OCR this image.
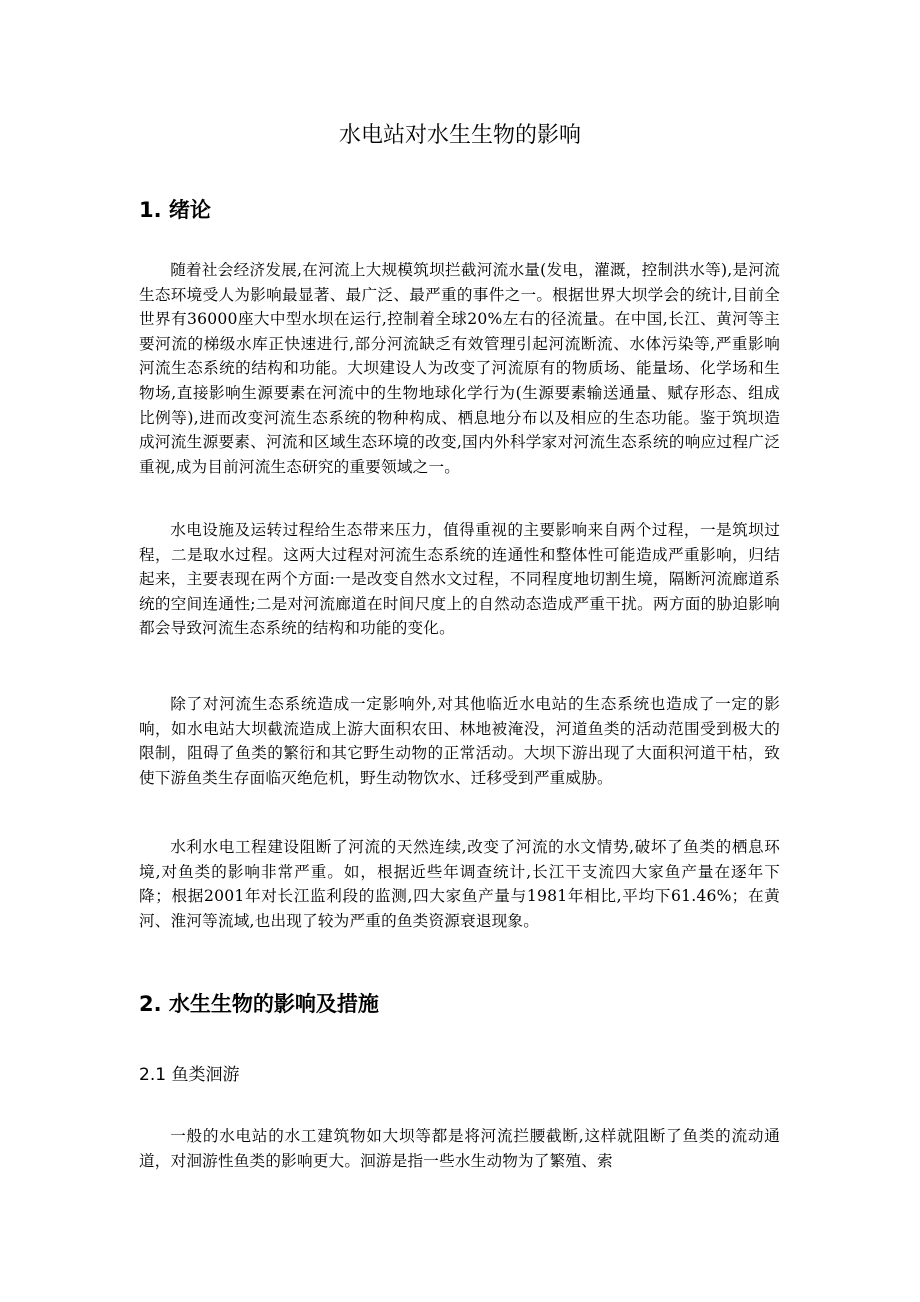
水电站对水生生物的影响
1. 绪论

随着社会经济发展,在河流上大规模筑坝拦截河流水量(发电，灌溉，控制洪水等),是河流生态环境受人为影响最显著、最广泛、最严重的事件之一。根据世界大坝学会的统计,目前全世界有36000座大中型水坝在运行,控制着全球20%左右的径流量。在中国,长江、黄河等主要河流的梯级水库正快速进行,部分河流缺乏有效管理引起河流断流、水体污染等,严重影响河流生态系统的结构和功能。大坝建设人为改变了河流原有的物质场、能量场、化学场和生物场,直接影响生源要素在河流中的生物地球化学行为(生源要素输送通量、赋存形态、组成比例等),进而改变河流生态系统的物种构成、栖息地分布以及相应的生态功能。鉴于筑坝造成河流生源要素、河流和区域生态环境的改变,国内外科学家对河流生态系统的响应过程广泛重视,成为目前河流生态研究的重要领域之一。

水电设施及运转过程给生态带来压力，值得重视的主要影响来自两个过程，一是筑坝过程，二是取水过程。这两大过程对河流生态系统的连通性和整体性可能造成严重影响，归结起来，主要表现在两个方面:一是改变自然水文过程，不同程度地切割生境，隔断河流廊道系统的空间连通性;二是对河流廊道在时间尺度上的自然动态造成严重干扰。两方面的胁迫影响都会导致河流生态系统的结构和功能的变化。

除了对河流生态系统造成一定影响外,对其他临近水电站的生态系统也造成了一定的影响，如水电站大坝截流造成上游大面积农田、林地被淹没，河道鱼类的活动范围受到极大的限制，阻碍了鱼类的繁衍和其它野生动物的正常活动。大坝下游出现了大面积河道干枯，致使下游鱼类生存面临灭绝危机，野生动物饮水、迁移受到严重威胁。

水利水电工程建设阻断了河流的天然连续,改变了河流的水文情势,破坏了鱼类的栖息环境,对鱼类的影响非常严重。如，根据近些年调查统计,长江干支流四大家鱼产量在逐年下降；根据2001年对长江监利段的监测,四大家鱼产量与1981年相比,平均下61.46%；在黄河、淮河等流域,也出现了较为严重的鱼类资源衰退现象。

2. 水生生物的影响及措施
2.1 鱼类洄游

一般的水电站的水工建筑物如大坝等都是将河流拦腰截断,这样就阻断了鱼类的流动通道，对洄游性鱼类的影响更大。洄游是指一些水生动物为了繁殖、索
